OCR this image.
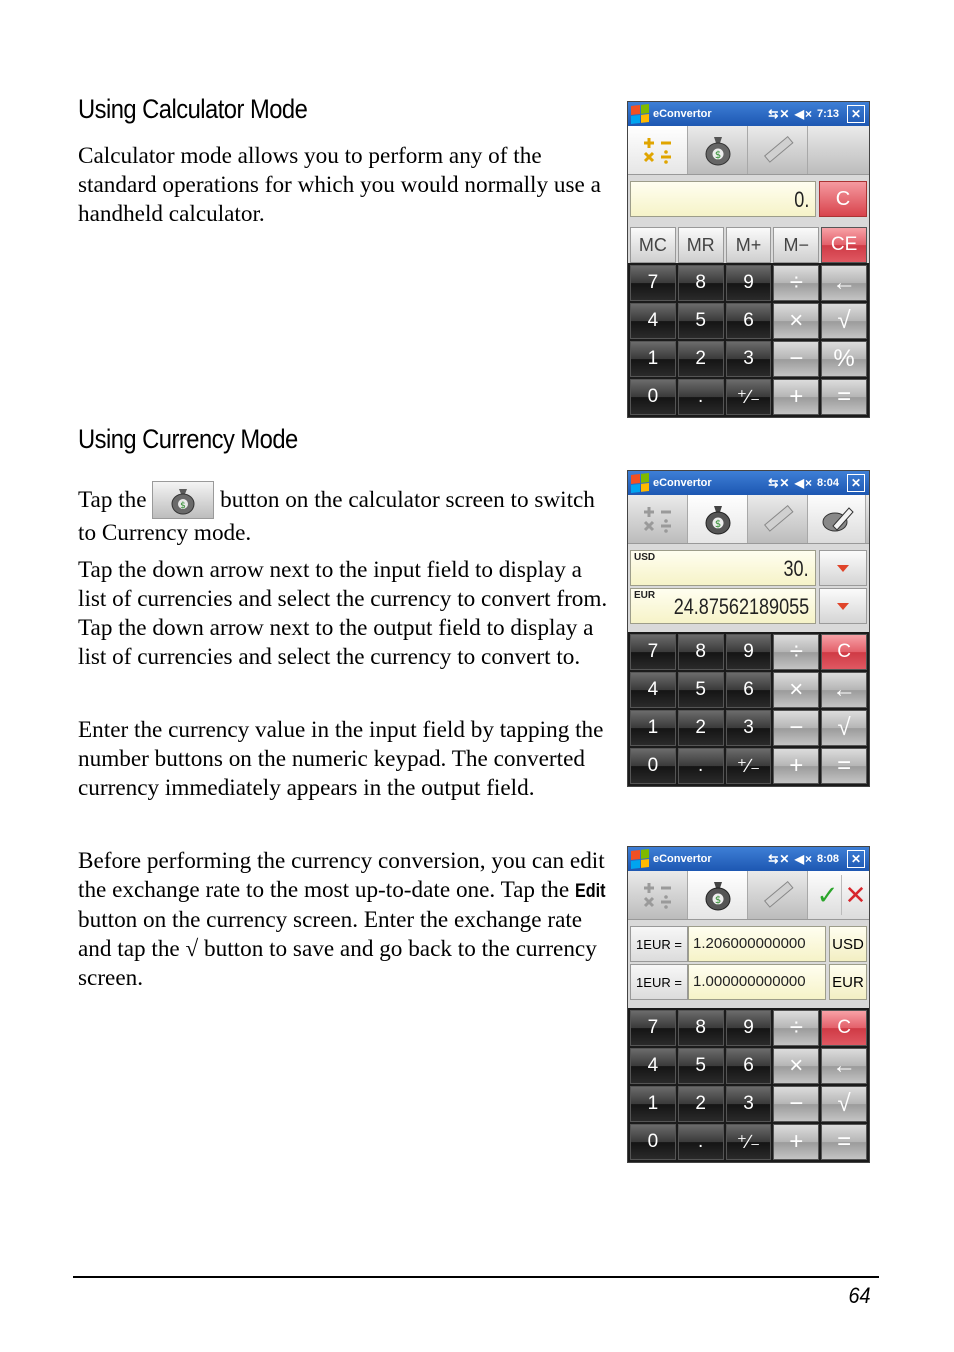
Using Calculator Mode

Calculator mode allows you to perform any of the standard operations for which you would normally use a handheld calculator.

Using Currency Mode

Tap the	$ button on the calculator screen to switch to Currency mode.

Tap the down arrow next to the input field to display a list of currencies and select the currency to convert from. Tap the down arrow next to the output field to display a list of currencies and select the currency to convert to.

Enter the currency value in the input field by tapping the number buttons on the numeric keypad. The converted currency immediately appears in the output field.

Before performing the currency conversion, you can edit the exchange rate to the most up-to-date one. Tap the Edit button on the currency screen. Enter the exchange rate and tap the √ button to save and go back to the currency screen.

eConvertor	⇆✕ ◀× 7:13 ✕
$
0.	C
MC	MR	M+	M−	CE
7	8	9	÷	←
4	5	6	×	√
1	2	3	−	%
0	.	⁺∕₋	+	=
eConvertor	⇆✕ ◀× 8:04 ✕
$
USD	30.
EUR 24.87562189055
7	8	9	÷	C
4	5	6	×	←
1	2	3	−	√
0	.	⁺∕₋	+	=
eConvertor	⇆✕ ◀× 8:08 ✕
$	✓ ✕
1EUR = 1.206000000000	USD
1EUR = 1.000000000000	EUR
7	8	9	÷	C
4	5	6	×	←
1	2	3	−	√
0	.	⁺∕₋	+	=
64
